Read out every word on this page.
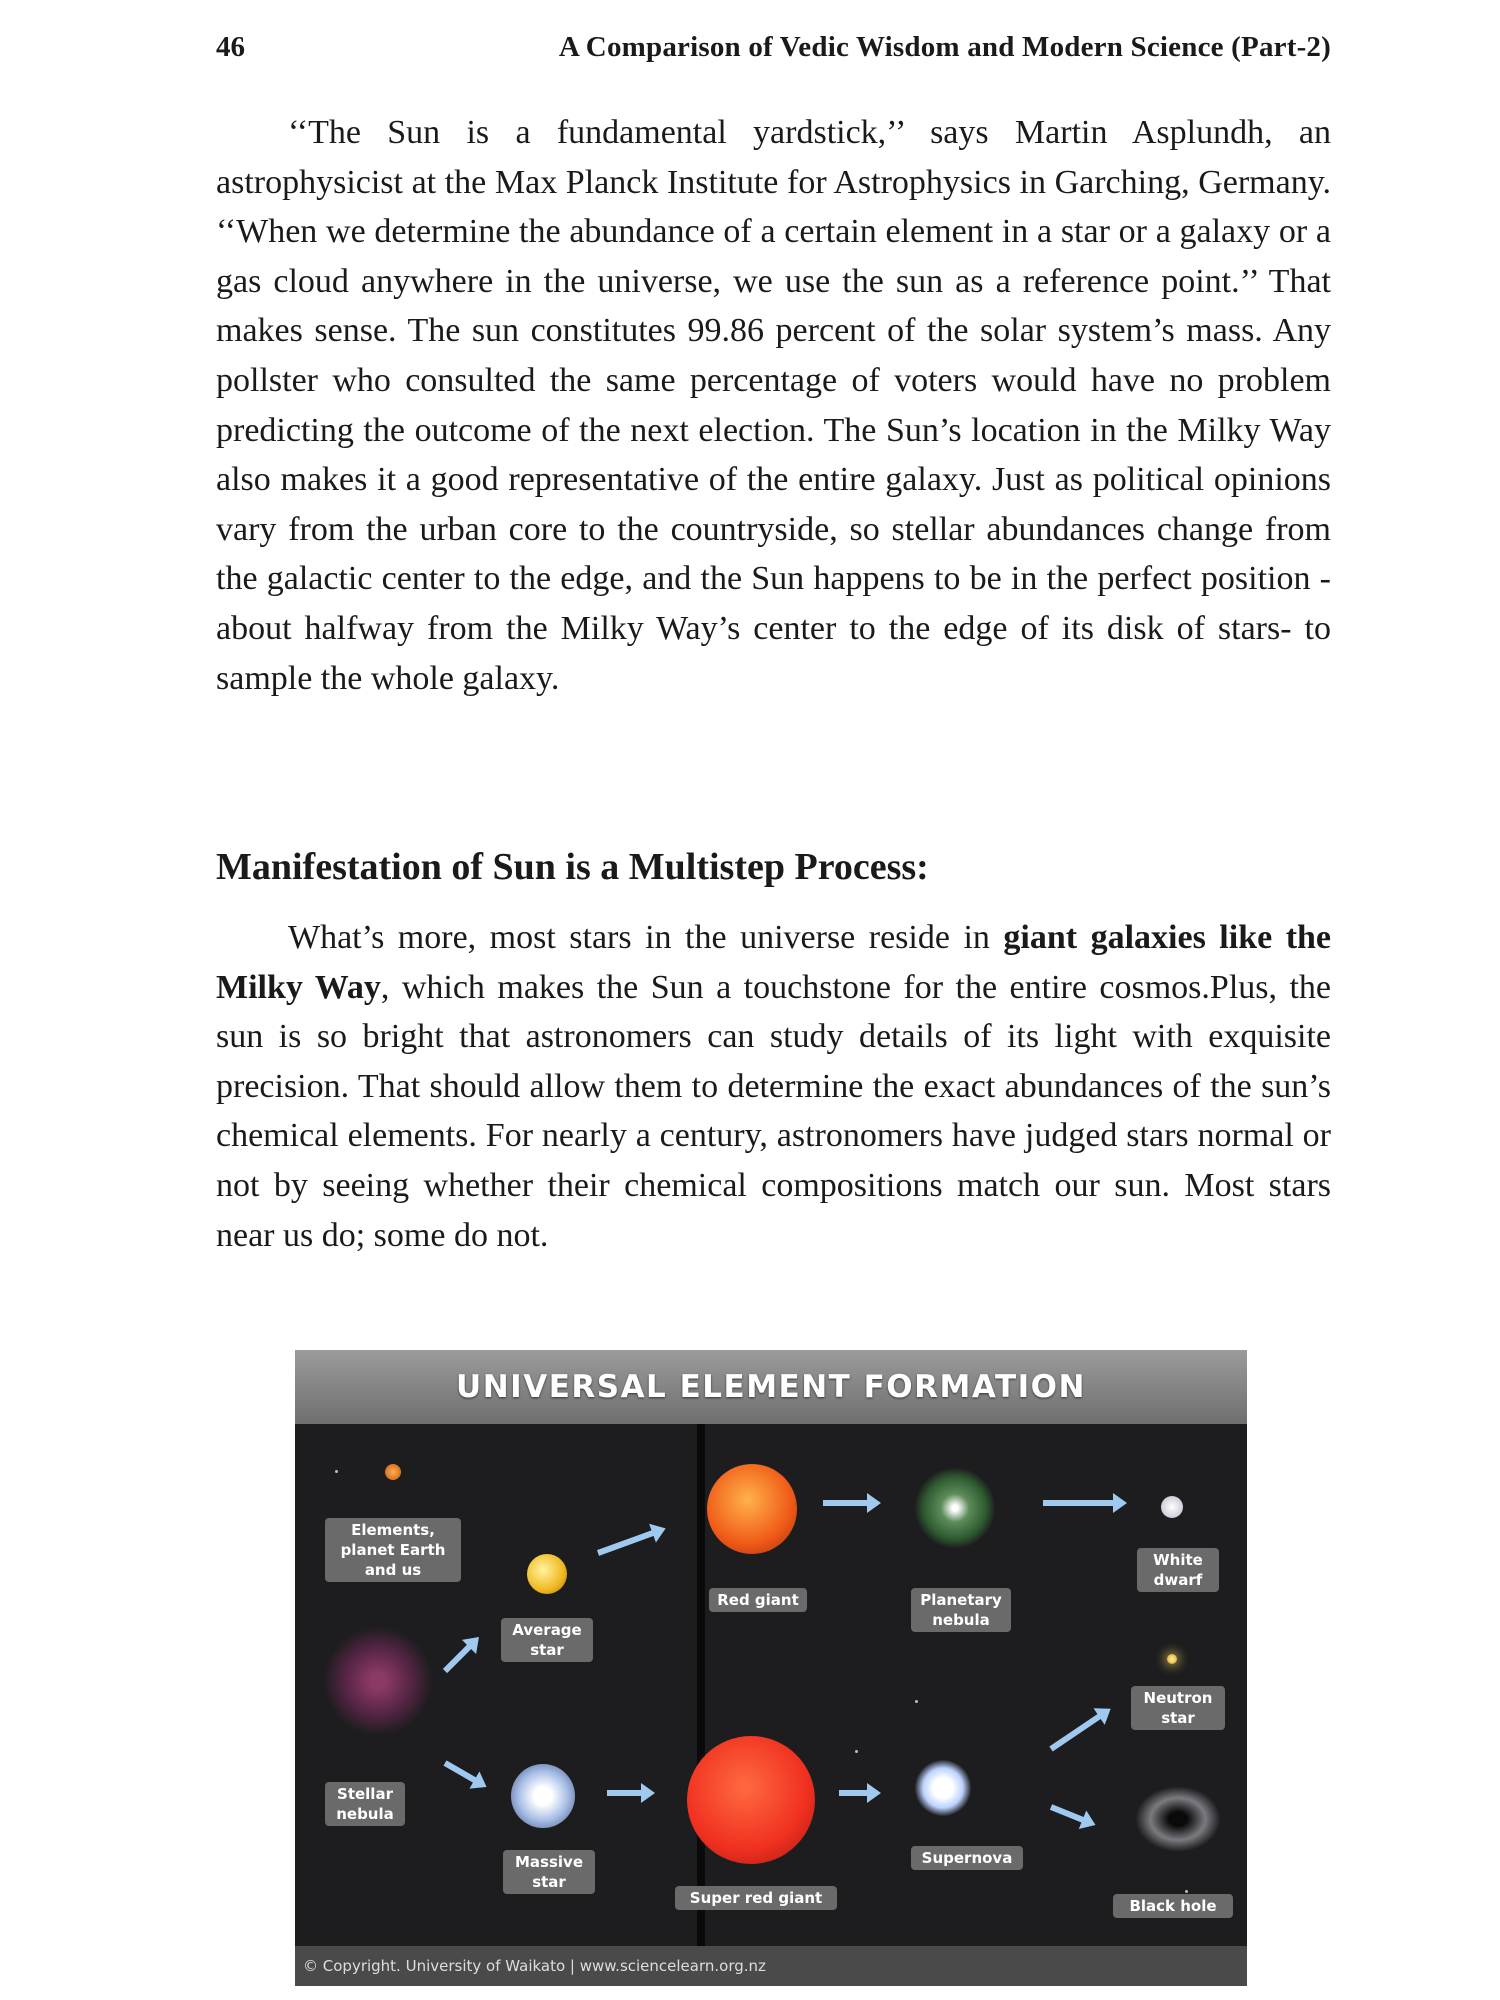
46	A Comparison of Vedic Wisdom and Modern Science (Part-2)

‘‘The Sun is a fundamental yardstick,’’ says Martin Asplundh, an astrophysicist at the Max Planck Institute for Astrophysics in Garching, Germany. ‘‘When we determine the abundance of a certain element in a star or a galaxy or a gas cloud anywhere in the universe, we use the sun as a reference point.’’ That makes sense. The sun constitutes 99.86 percent of the solar system’s mass. Any pollster who consulted the same percentage of voters would have no problem predicting the outcome of the next election. The Sun’s location in the Milky Way also makes it a good representative of the entire galaxy. Just as political opinions vary from the urban core to the countryside, so stellar abundances change from the galactic center to the edge, and the Sun happens to be in the perfect position - about halfway from the Milky Way’s center to the edge of its disk of stars- to sample the whole galaxy.

Manifestation of Sun is a Multistep Process:

What’s more, most stars in the universe reside in giant galaxies like the Milky Way, which makes the Sun a touchstone for the entire cosmos.Plus, the sun is so bright that astronomers can study details of its light with exquisite precision. That should allow them to determine the exact abundances of the sun’s chemical elements. For nearly a century, astronomers have judged stars normal or not by seeing whether their chemical compositions match our sun. Most stars near us do; some do not.

UNIVERSAL ELEMENT FORMATION
Elements, planet Earth and us
Average star
Red giant	Planetary nebula
White dwarf
Neutron star
Stellar nebula
Massive star
Super red giant
Supernova
Black hole
© Copyright. University of Waikato | www.sciencelearn.org.nz
